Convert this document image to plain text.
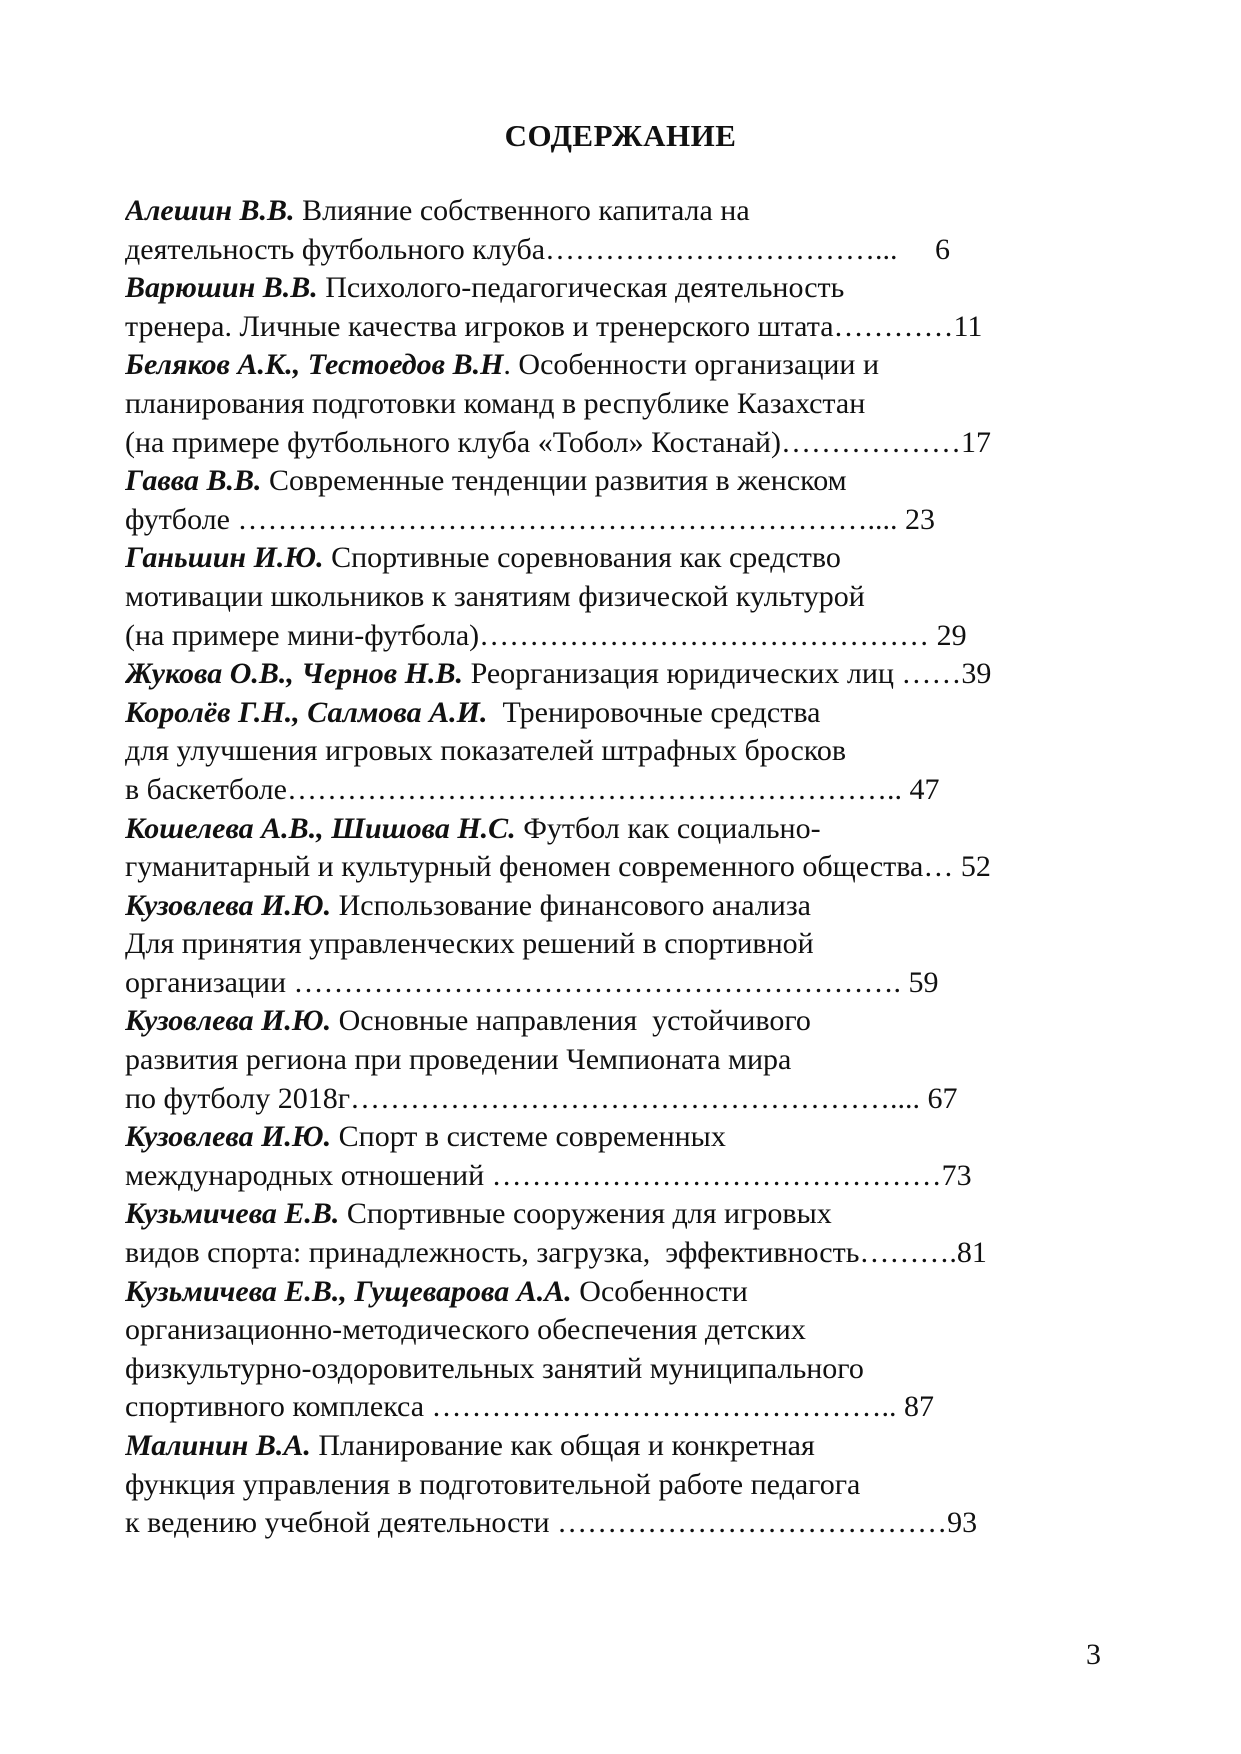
СОДЕРЖАНИЕ
Алешин В.В. Влияние собственного капитала на
деятельность футбольного клуба……………………………...     6
Варюшин В.В. Психолого-педагогическая деятельность
тренера. Личные качества игроков и тренерского штата…………11
Беляков А.К., Тестоедов В.Н. Особенности организации и
планирования подготовки команд в республике Казахстан
(на примере футбольного клуба «Тобол» Костанай)………………17
Гавва В.В. Современные тенденции развития в женском
футболе ……………………………………………………….... 23
Ганьшин И.Ю. Спортивные соревнования как средство
мотивации школьников к занятиям физической культурой
(на примере мини-футбола)……………………………………… 29
Жукова О.В., Чернов Н.В. Реорганизация юридических лиц ……39
Королёв Г.Н., Салмова А.И.  Тренировочные средства
для улучшения игровых показателей штрафных бросков
в баскетболе…………………………………………………….. 47
Кошелева А.В., Шишова Н.С. Футбол как социально-
гуманитарный и культурный феномен современного общества… 52
Кузовлева И.Ю. Использование финансового анализа
Для принятия управленческих решений в спортивной
организации ……………………………………………………. 59
Кузовлева И.Ю. Основные направления  устойчивого
развития региона при проведении Чемпионата мира
по футболу 2018г……………………………………………….... 67
Кузовлева И.Ю. Спорт в системе современных
международных отношений ………………………………………73
Кузьмичева Е.В. Спортивные сооружения для игровых
видов спорта: принадлежность, загрузка,  эффективность……….81
Кузьмичева Е.В., Гущеварова А.А. Особенности
организационно-методического обеспечения детских
физкультурно-оздоровительных занятий муниципального
спортивного комплекса ……………………………………….. 87
Малинин В.А. Планирование как общая и конкретная
функция управления в подготовительной работе педагога
к ведению учебной деятельности …………………………………93
3
